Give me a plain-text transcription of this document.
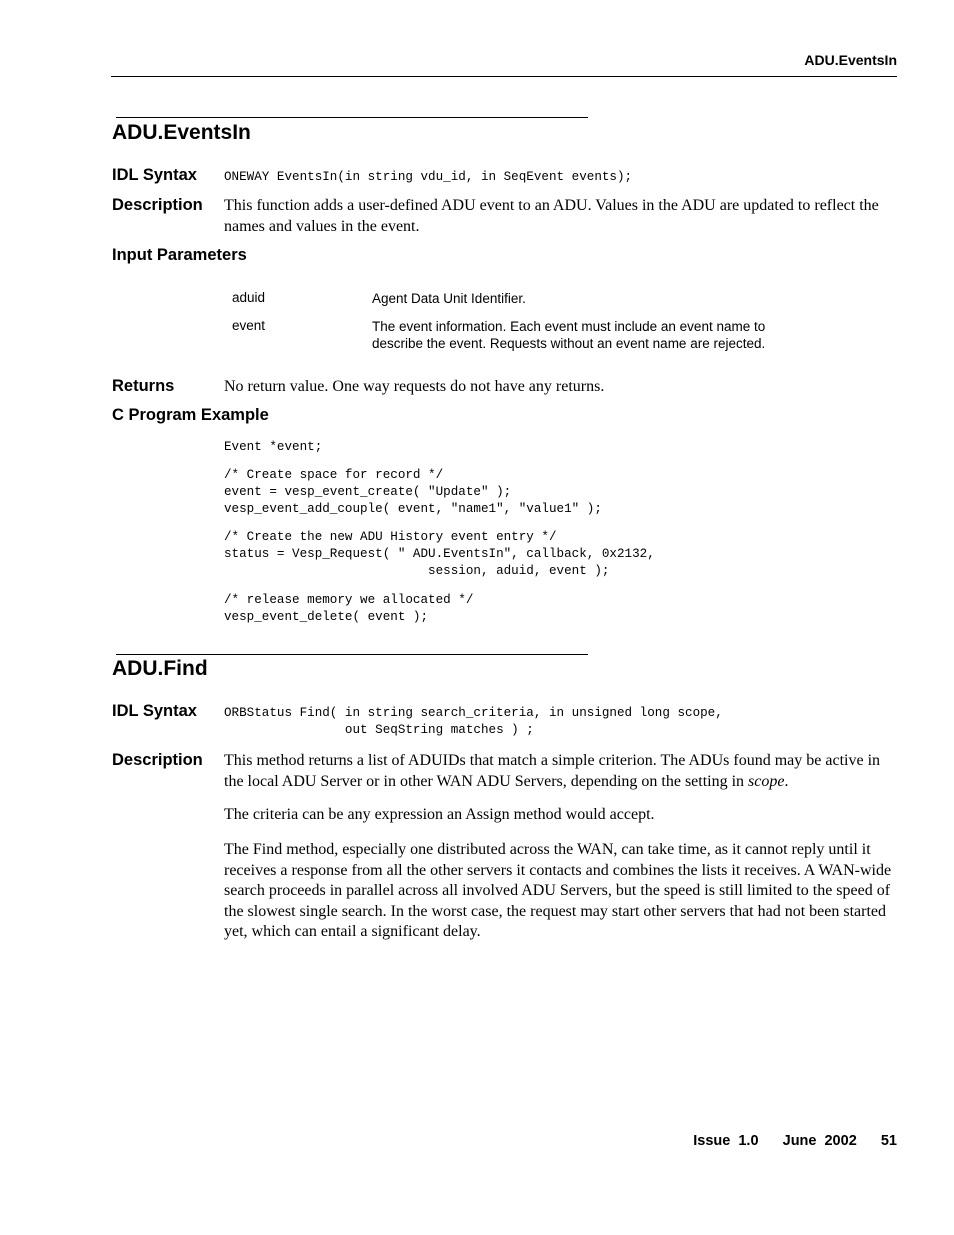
ADU.EventsIn
ADU.EventsIn
IDL Syntax ONEWAY EventsIn(in string vdu_id, in SeqEvent events);
Description This function adds a user-defined ADU event to an ADU. Values in the ADU are updated to reflect the names and values in the event.
Input Parameters
aduid	Agent Data Unit Identifier.
event	The event information. Each event must include an event name to describe the event. Requests without an event name are rejected.
Returns	No return value. One way requests do not have any returns.
C Program Example
Event *event;
/* Create space for record */
event = vesp_event_create( "Update" );
vesp_event_add_couple( event, "name1", "value1" );
/* Create the new ADU History event entry */
status = Vesp_Request( " ADU.EventsIn", callback, 0x2132,
session, aduid, event );
/* release memory we allocated */
vesp_event_delete( event );
ADU.Find
IDL Syntax ORBStatus Find( in string search_criteria, in unsigned long scope,
out SeqString matches ) ;
Description This method returns a list of ADUIDs that match a simple criterion. The ADUs found may be active in the local ADU Server or in other WAN ADU Servers, depending on the setting in scope.
The criteria can be any expression an Assign method would accept.
The Find method, especially one distributed across the WAN, can take time, as it cannot reply until it receives a response from all the other servers it contacts and combines the lists it receives. A WAN-wide search proceeds in parallel across all involved ADU Servers, but the speed is still limited to the speed of the slowest single search. In the worst case, the request may start other servers that had not been started yet, which can entail a significant delay.
Issue 1.0 June 2002 51
